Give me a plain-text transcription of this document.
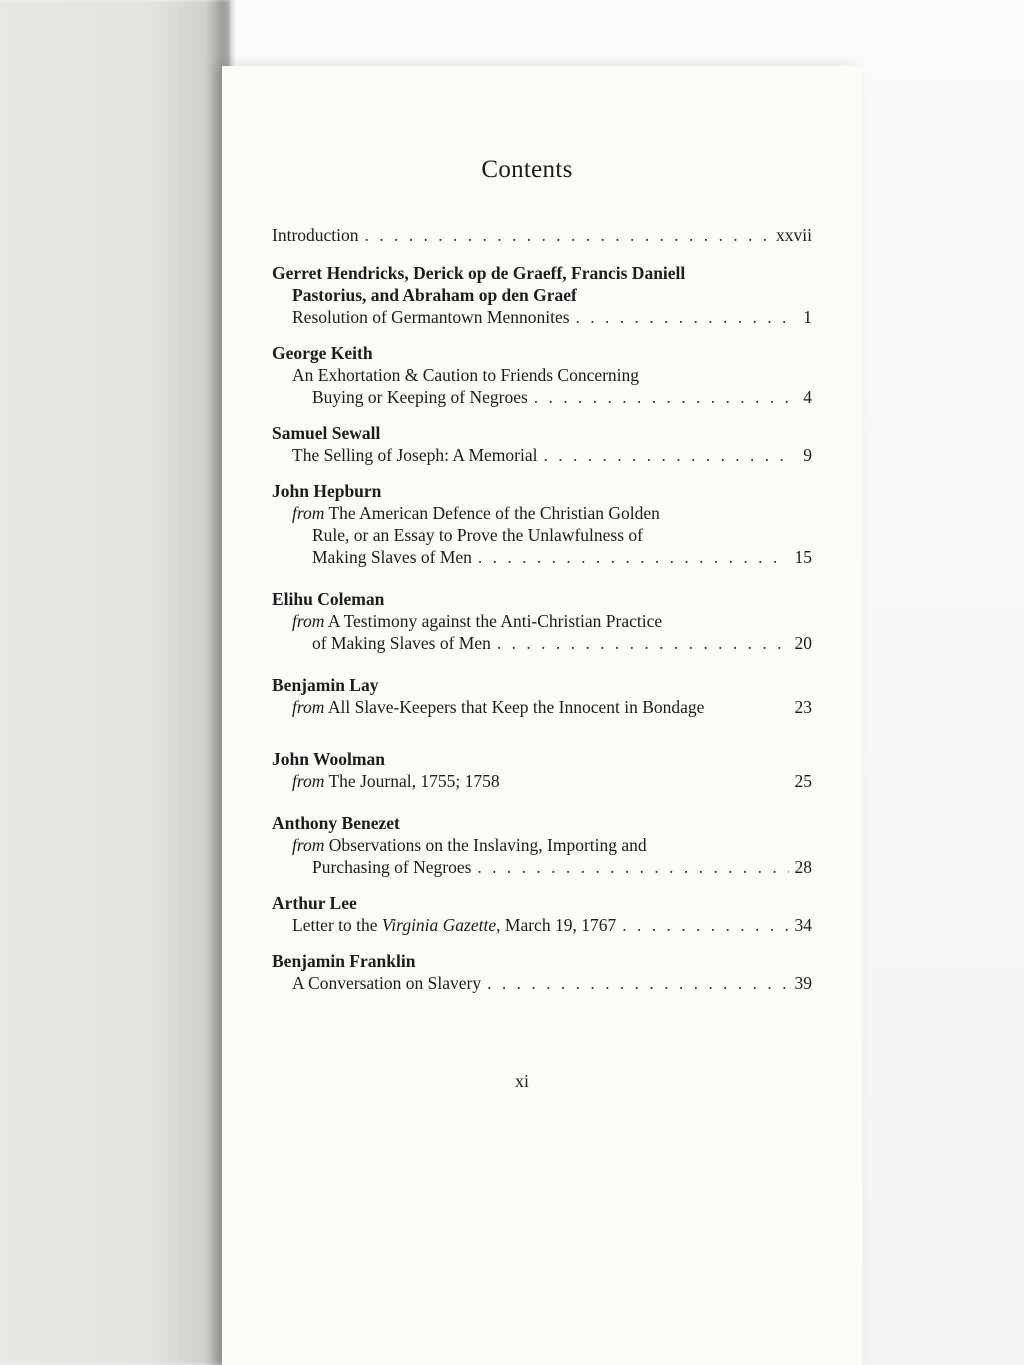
Contents
Introduction . . .	xxvii
Gerret Hendricks, Derick op de Graeff, Francis Daniell
Pastorius, and Abraham op den Graef
Resolution of Germantown Mennonites . . .	1
George Keith
An Exhortation & Caution to Friends Concerning
Buying or Keeping of Negroes . . .	4
Samuel Sewall
The Selling of Joseph: A Memorial . . .	9
John Hepburn
from The American Defence of the Christian Golden
Rule, or an Essay to Prove the Unlawfulness of
Making Slaves of Men . . .	15
Elihu Coleman
from A Testimony against the Anti-Christian Practice
of Making Slaves of Men . . .	20
Benjamin Lay
from All Slave-Keepers that Keep the Innocent in Bondage	23
John Woolman
from The Journal, 1755; 1758	25
Anthony Benezet
from Observations on the Inslaving, Importing and
Purchasing of Negroes . . .	28
Arthur Lee
Letter to the Virginia Gazette, March 19, 1767 . . .	34
Benjamin Franklin
A Conversation on Slavery . . .	39
xi
